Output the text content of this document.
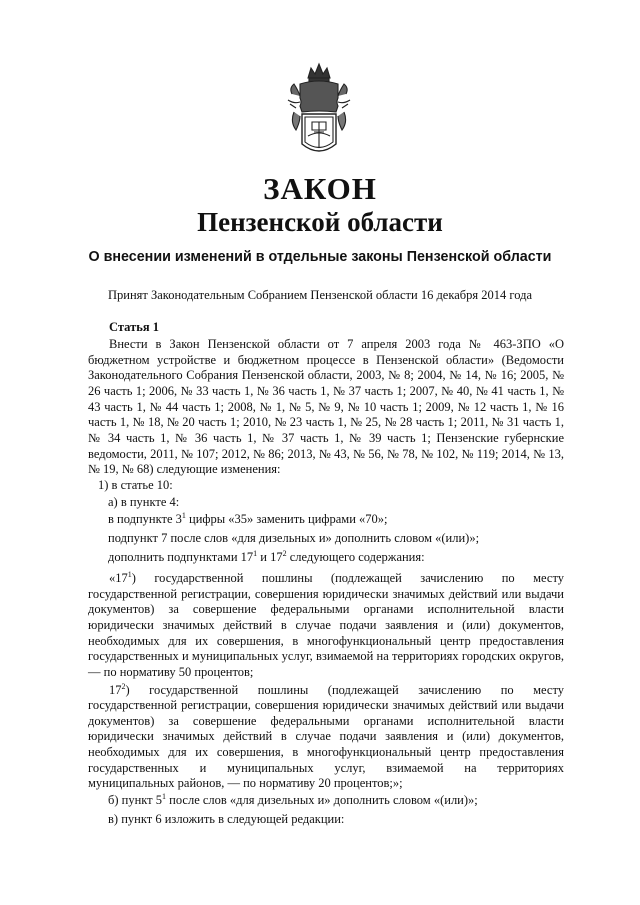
ЗАКОН
Пензенской области
О внесении изменений в отдельные законы Пензенской области
Принят Законодательным Собранием Пензенской области 16 декабря 2014 года

Статья 1

Внести в Закон Пензенской области от 7 апреля 2003 года № 463-ЗПО «О бюджетном устройстве и бюджетном процессе в Пензенской области» (Ведомости Законодательного Собрания Пензенской области, 2003, № 8; 2004, № 14, № 16; 2005, № 26 часть 1; 2006, № 33 часть 1, № 36 часть 1, № 37 часть 1; 2007, № 40, № 41 часть 1, № 43 часть 1, № 44 часть 1; 2008, № 1, № 5, № 9, № 10 часть 1; 2009, № 12 часть 1, № 16 часть 1, № 18, № 20 часть 1; 2010, № 23 часть 1, № 25, № 28 часть 1; 2011, № 31 часть 1, № 34 часть 1, № 36 часть 1, № 37 часть 1, № 39 часть 1; Пензенские губернские ведомости, 2011, № 107; 2012, № 86; 2013, № 43, № 56, № 78, № 102, № 119; 2014, № 13, № 19, № 68) следующие изменения:

1) в статье 10:

а) в пункте 4:

в подпункте $3^1$ цифры «35» заменить цифрами «70»;

подпункт 7 после слов «для дизельных и» дополнить словом «(или)»;

дополнить подпунктами $17^1$ и $17^2$ следующего содержания:

«$17^1$) государственной пошлины (подлежащей зачислению по месту

государственной регистрации, совершения юридически значимых действий или выдачи документов) за совершение федеральными органами исполнительной власти юридически значимых действий в случае подачи заявления и (или) документов, необходимых для их совершения, в многофункциональный центр предоставления государственных и муниципальных услуг, взимаемой на территориях городских округов, — по нормативу 50 процентов;

$17^2$) государственной пошлины (подлежащей зачислению по месту

государственной регистрации, совершения юридически значимых действий или выдачи документов) за совершение федеральными органами исполнительной власти юридически значимых действий в случае подачи заявления и (или) документов, необходимых для их совершения, в многофункциональный центр предоставления государственных и муниципальных услуг, взимаемой на территориях

муниципальных районов, — по нормативу 20 процентов;»;

б) пункт $5^1$ после слов «для дизельных и» дополнить словом «(или)»;

в) пункт 6 изложить в следующей редакции:
